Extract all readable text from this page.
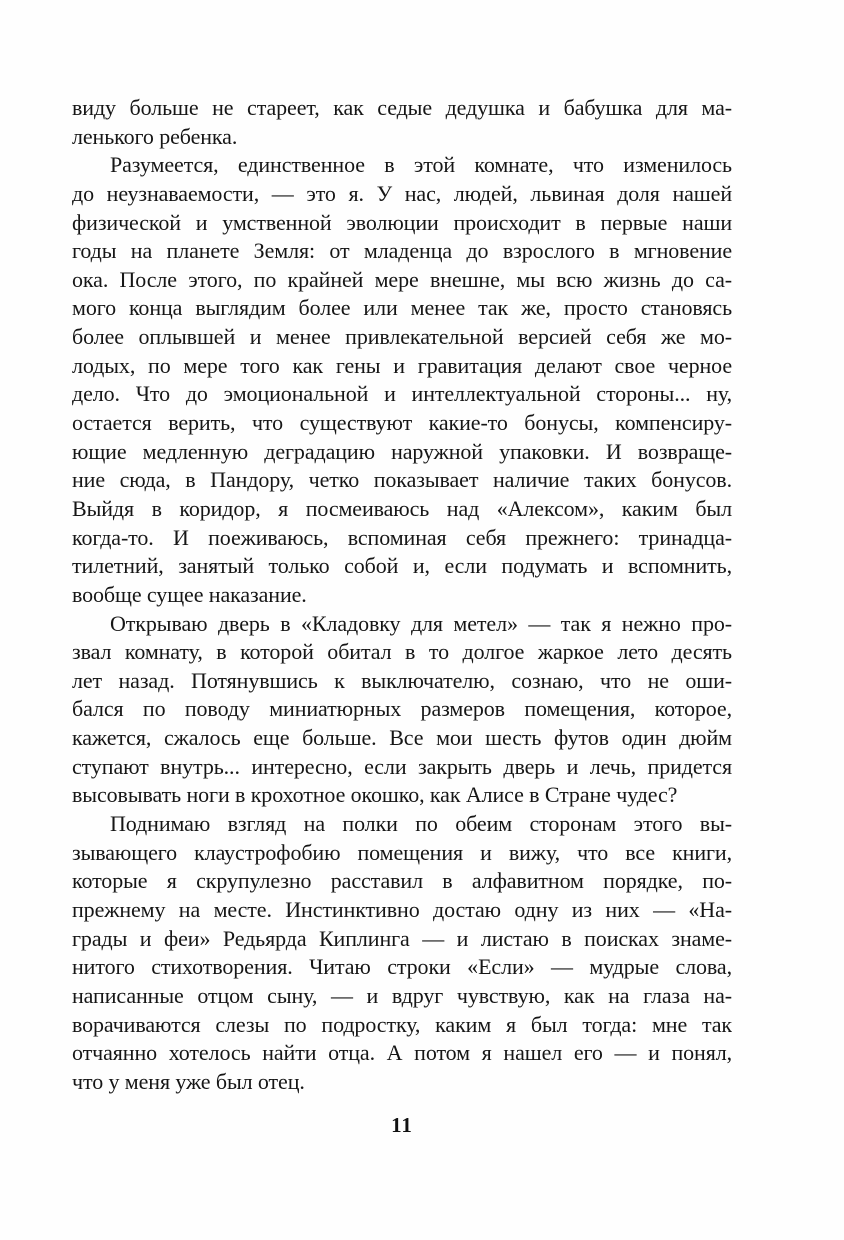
виду больше не стареет, как седые дедушка и бабушка для ма-
ленького ребенка.
Разумеется, единственное в этой комнате, что изменилось
до неузнаваемости, — это я. У нас, людей, львиная доля нашей
физической и умственной эволюции происходит в первые наши
годы на планете Земля: от младенца до взрослого в мгновение
ока. После этого, по крайней мере внешне, мы всю жизнь до са-
мого конца выглядим более или менее так же, просто становясь
более оплывшей и менее привлекательной версией себя же мо-
лодых, по мере того как гены и гравитация делают свое черное
дело. Что до эмоциональной и интеллектуальной стороны... ну,
остается верить, что существуют какие-то бонусы, компенсиру-
ющие медленную деградацию наружной упаковки. И возвраще-
ние сюда, в Пандору, четко показывает наличие таких бонусов.
Выйдя в коридор, я посмеиваюсь над «Алексом», каким был
когда-то. И поеживаюсь, вспоминая себя прежнего: тринадца-
тилетний, занятый только собой и, если подумать и вспомнить,
вообще сущее наказание.
Открываю дверь в «Кладовку для метел» — так я нежно про-
звал комнату, в которой обитал в то долгое жаркое лето десять
лет назад. Потянувшись к выключателю, сознаю, что не оши-
бался по поводу миниатюрных размеров помещения, которое,
кажется, сжалось еще больше. Все мои шесть футов один дюйм
ступают внутрь... интересно, если закрыть дверь и лечь, придется
высовывать ноги в крохотное окошко, как Алисе в Стране чудес?
Поднимаю взгляд на полки по обеим сторонам этого вы-
зывающего клаустрофобию помещения и вижу, что все книги,
которые я скрупулезно расставил в алфавитном порядке, по-
прежнему на месте. Инстинктивно достаю одну из них — «На-
грады и феи» Редьярда Киплинга — и листаю в поисках знаме-
нитого стихотворения. Читаю строки «Если» — мудрые слова,
написанные отцом сыну, — и вдруг чувствую, как на глаза на-
ворачиваются слезы по подростку, каким я был тогда: мне так
отчаянно хотелось найти отца. А потом я нашел его — и понял,
что у меня уже был отец.
11
